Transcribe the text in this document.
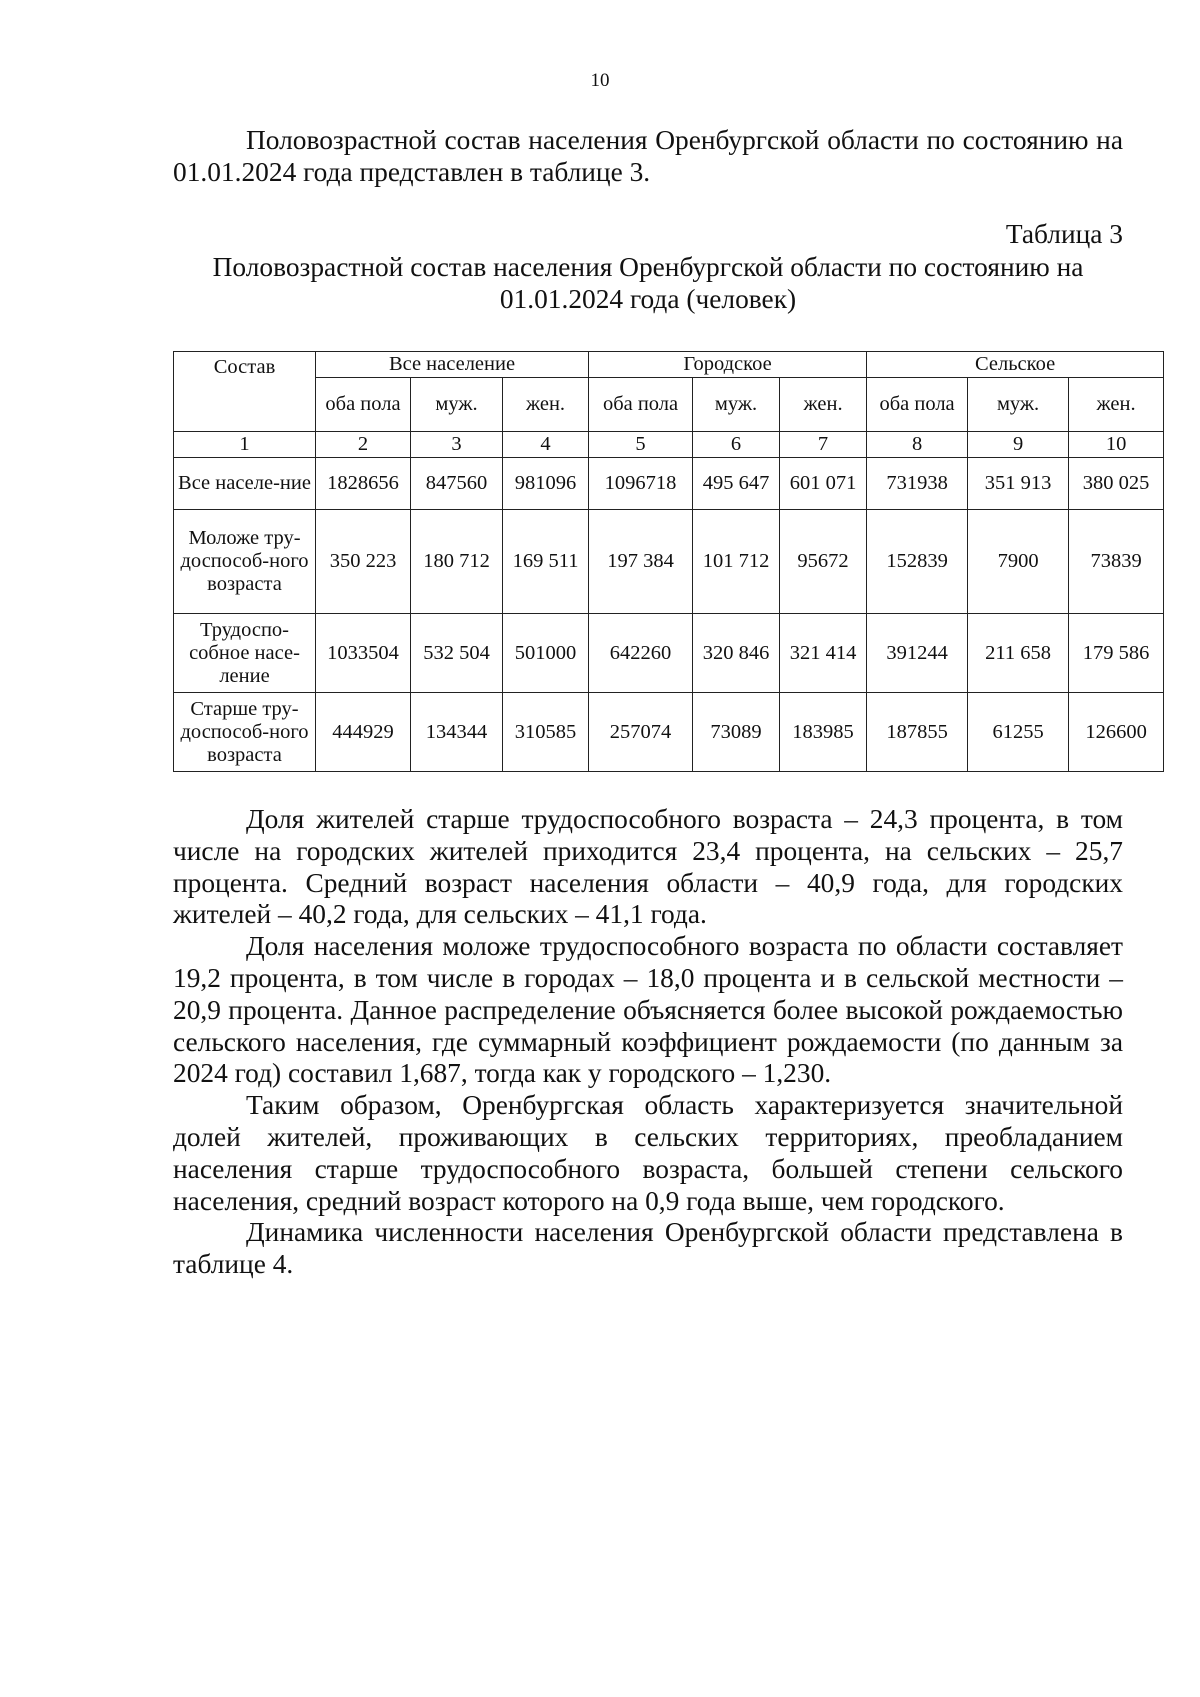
10

Половозрастной состав населения Оренбургской области по состоянию на 01.01.2024 года представлен в таблице 3.

Таблица 3
Половозрастной состав населения Оренбургской области по состоянию на
01.01.2024 года (человек)
Состав	Все население			Городское			Сельское		
	оба пола	муж.	жен.	оба пола	муж.	жен.	оба пола	муж.	жен.
1	2	3	4	5	6	7	8	9	10
Все населе-ние	1828656	847560	981096	1096718	495 647	601 071	731938	351 913	380 025
Моложе тру-доспособ-ного возраста	350 223	180 712	169 511	197 384	101 712	95672	152839	7900	73839
Трудоспо-собное насе-ление	1033504	532 504	501000	642260	320 846	321 414	391244	211 658	179 586
Старше тру-доспособ-ного возраста	444929	134344	310585	257074	73089	183985	187855	61255	126600

Доля жителей старше трудоспособного возраста – 24,3 процента, в том числе на городских жителей приходится 23,4 процента, на сельских – 25,7 процента. Средний возраст населения области – 40,9 года, для городских жителей – 40,2 года, для сельских – 41,1 года.

Доля населения моложе трудоспособного возраста по области составляет 19,2 процента, в том числе в городах – 18,0 процента и в сельской местности – 20,9 процента. Данное распределение объясняется более высокой рождаемостью сельского населения, где суммарный коэффициент рождаемости (по данным за 2024 год) составил 1,687, тогда как у городского – 1,230.

Таким образом, Оренбургская область характеризуется значительной долей жителей, проживающих в сельских территориях, преобладанием населения старше трудоспособного возраста, большей степени сельского населения, средний возраст которого на 0,9 года выше, чем городского.

Динамика численности населения Оренбургской области представлена в таблице 4.
